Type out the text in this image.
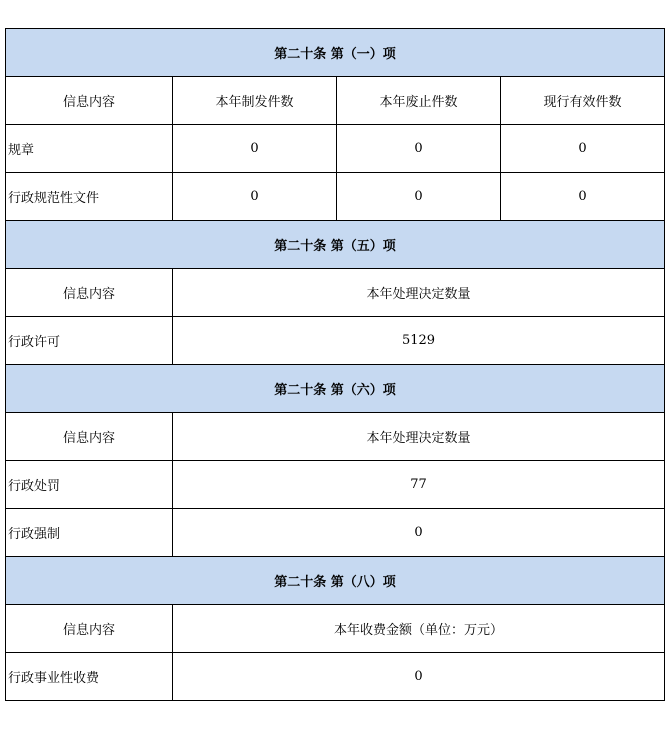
第二十条 第（一）项			
信息内容	本年制发件数	本年废止件数	现行有效件数
规章	0	0	0
行政规范性文件	0	0	0
第二十条 第（五）项			
信息内容	本年处理决定数量		
行政许可	5129		
第二十条 第（六）项			
信息内容	本年处理决定数量		
行政处罚	77		
行政强制	0		
第二十条 第（八）项			
信息内容	本年收费金额（单位：万元）		
行政事业性收费	0		
